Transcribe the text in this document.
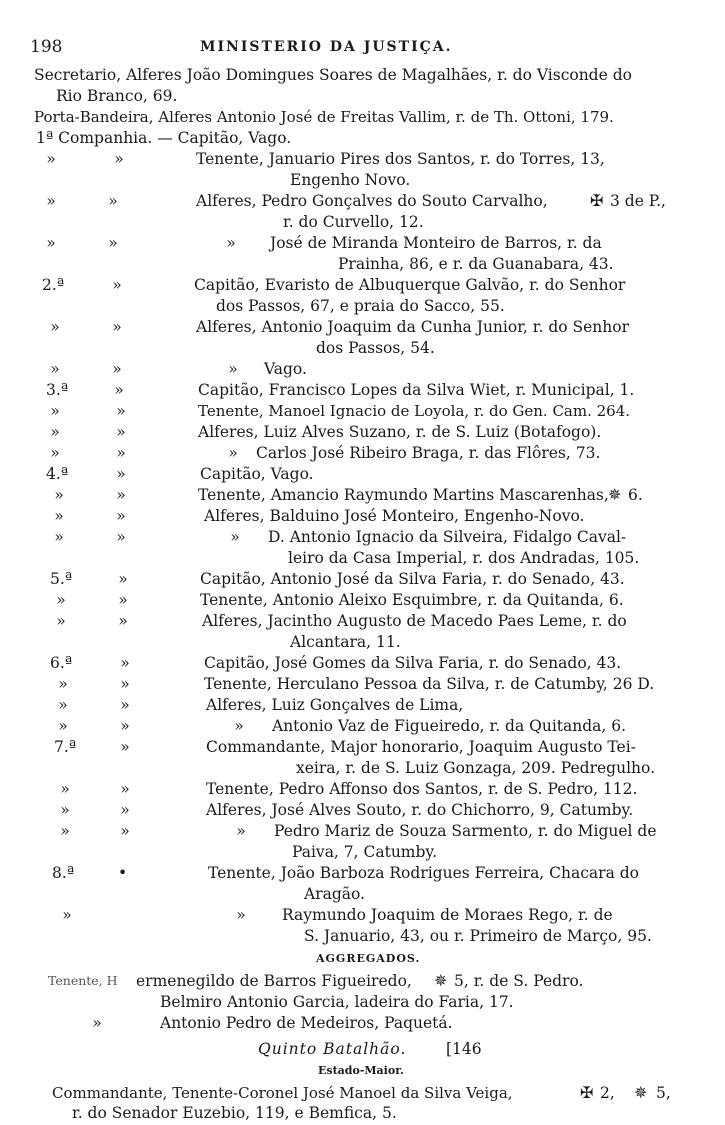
198	MINISTERIO DA JUSTIÇA.
Secretario, Alferes João Domingues Soares de Magalhães, r. do Visconde do
Rio Branco, 69.
Porta-Bandeira, Alferes Antonio José de Freitas Vallim, r. de Th. Ottoni, 179.
1ª Companhia. — Capitão, Vago.
»	»	Tenente, Januario Pires dos Santos, r. do Torres, 13,
Engenho Novo.
»	»	Alferes, Pedro Gonçalves do Souto Carvalho,	✠ 3 de P.,
r. do Curvello, 12.
»	»	» José de Miranda Monteiro de Barros, r. da
Prainha, 86, e r. da Guanabara, 43.
2.ª	»	Capitão, Evaristo de Albuquerque Galvão, r. do Senhor
dos Passos, 67, e praia do Sacco, 55.
»	»	Alferes, Antonio Joaquim da Cunha Junior, r. do Senhor
dos Passos, 54.
»	»	» Vago.
3.ª	»	Capitão, Francisco Lopes da Silva Wiet, r. Municipal, 1.
»	»	Tenente, Manoel Ignacio de Loyola, r. do Gen. Cam. 264.
»	»	Alferes, Luiz Alves Suzano, r. de S. Luiz (Botafogo).
»	»	» Carlos José Ribeiro Braga, r. das Flôres, 73.
4.ª	»	Capitão, Vago.
»	»	Tenente, Amancio Raymundo Martins Mascarenhas, ✵ 6.
»	»	Alferes, Balduino José Monteiro, Engenho-Novo.
»	»	» D. Antonio Ignacio da Silveira, Fidalgo Caval-
leiro da Casa Imperial, r. dos Andradas, 105.
5.ª	»	Capitão, Antonio José da Silva Faria, r. do Senado, 43.
»	»	Tenente, Antonio Aleixo Esquimbre, r. da Quitanda, 6.
»	»	Alferes, Jacintho Augusto de Macedo Paes Leme, r. do
Alcantara, 11.
6.ª	»	Capitão, José Gomes da Silva Faria, r. do Senado, 43.
»	»	Tenente, Herculano Pessoa da Silva, r. de Catumby, 26 D.
»	»	Alferes, Luiz Gonçalves de Lima,
»	»	» Antonio Vaz de Figueiredo, r. da Quitanda, 6.
7.ª	»	Commandante, Major honorario, Joaquim Augusto Tei-
xeira, r. de S. Luiz Gonzaga, 209. Pedregulho.
»	»	Tenente, Pedro Affonso dos Santos, r. de S. Pedro, 112.
»	»	Alferes, José Alves Souto, r. do Chichorro, 9, Catumby.
»	»	» Pedro Mariz de Souza Sarmento, r. do Miguel de
Paiva, 7, Catumby.
8.ª	•	Tenente, João Barboza Rodrigues Ferreira, Chacara do
Aragão.
»	» Raymundo Joaquim de Moraes Rego, r. de
S. Januario, 43, ou r. Primeiro de Março, 95.
AGGREGADOS.
Tenente, H ermenegildo de Barros Figueiredo, ✵ 5, r. de S. Pedro.
Belmiro Antonio Garcia, ladeira do Faria, 17.
»	Antonio Pedro de Medeiros, Paquetá.
Quinto Batalhão.	[146
Estado-Maior.
Commandante, Tenente-Coronel José Manoel da Silva Veiga,	✠ 2, ✵ 5,
r. do Senador Euzebio, 119, e Bemfica, 5.
